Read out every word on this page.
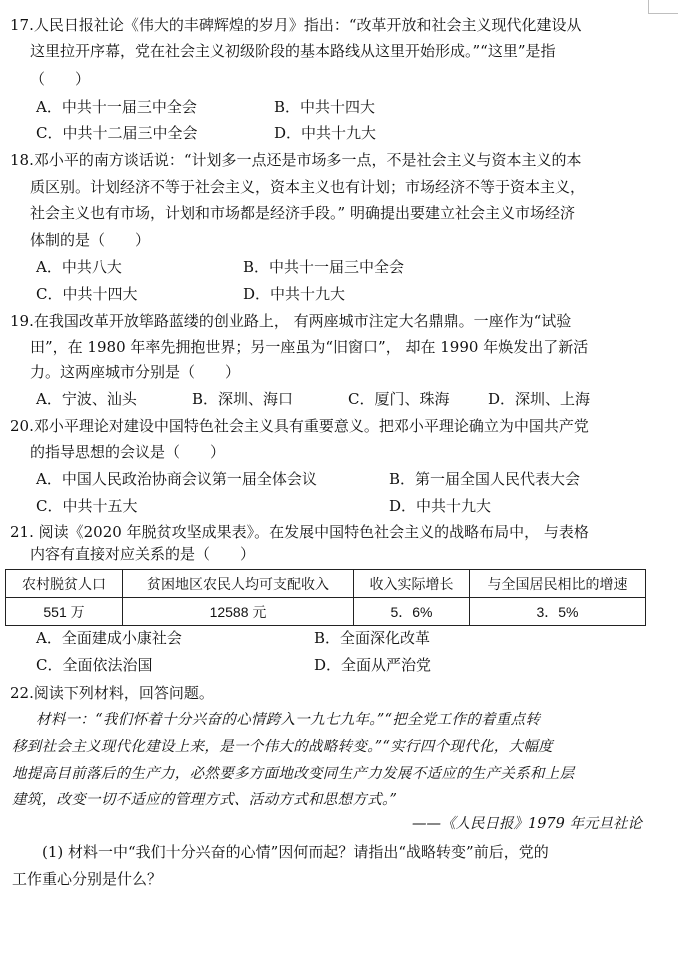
17.人民日报社论《伟大的丰碑辉煌的岁月》指出：“改革开放和社会主义现代化建设从
这里拉开序幕，党在社会主义初级阶段的基本路线从这里开始形成。”“这里”是指
（　　）
A．中共十一届三中全会	B．中共十四大
C．中共十二届三中全会	D．中共十九大
18.邓小平的南方谈话说：“计划多一点还是市场多一点，不是社会主义与资本主义的本
质区别。计划经济不等于社会主义，资本主义也有计划；市场经济不等于资本主义，
社会主义也有市场，计划和市场都是经济手段。” 明确提出要建立社会主义市场经济
体制的是（　　）
A．中共八大	B．中共十一届三中全会
C．中共十四大	D．中共十九大
19.在我国改革开放筚路蓝缕的创业路上， 有两座城市注定大名鼎鼎。一座作为“试验
田”，在 1980 年率先拥抱世界；另一座虽为“旧窗口”， 却在 1990 年焕发出了新活
力。这两座城市分别是（　　）
A．宁波、汕头	B．深圳、海口	C．厦门、珠海	D．深圳、上海
20.邓小平理论对建设中国特色社会主义具有重要意义。把邓小平理论确立为中国共产党
的指导思想的会议是（　　）
A．中国人民政治协商会议第一届全体会议	B．第一届全国人民代表大会
C．中共十五大	D．中共十九大
21. 阅读《2020 年脱贫攻坚成果表》。在发展中国特色社会主义的战略布局中， 与表格
内容有直接对应关系的是（　　）
农村脱贫人口	贫困地区农民人均可支配收入	收入实际增长	与全国居民相比的增速
551 万	12588 元	5．6%	3．5%
A．全面建成小康社会	B．全面深化改革
C．全面依法治国	D．全面从严治党
22.阅读下列材料，回答问题。
材料一：“我们怀着十分兴奋的心情跨入一九七九年。”“把全党工作的着重点转
移到社会主义现代化建设上来，是一个伟大的战略转变。”“实行四个现代化，大幅度
地提高目前落后的生产力，必然要多方面地改变同生产力发展不适应的生产关系和上层
建筑，改变一切不适应的管理方式、活动方式和思想方式。”
——《人民日报》1979 年元旦社论
(1) 材料一中“我们十分兴奋的心情”因何而起？请指出“战略转变”前后，党的
工作重心分别是什么？
